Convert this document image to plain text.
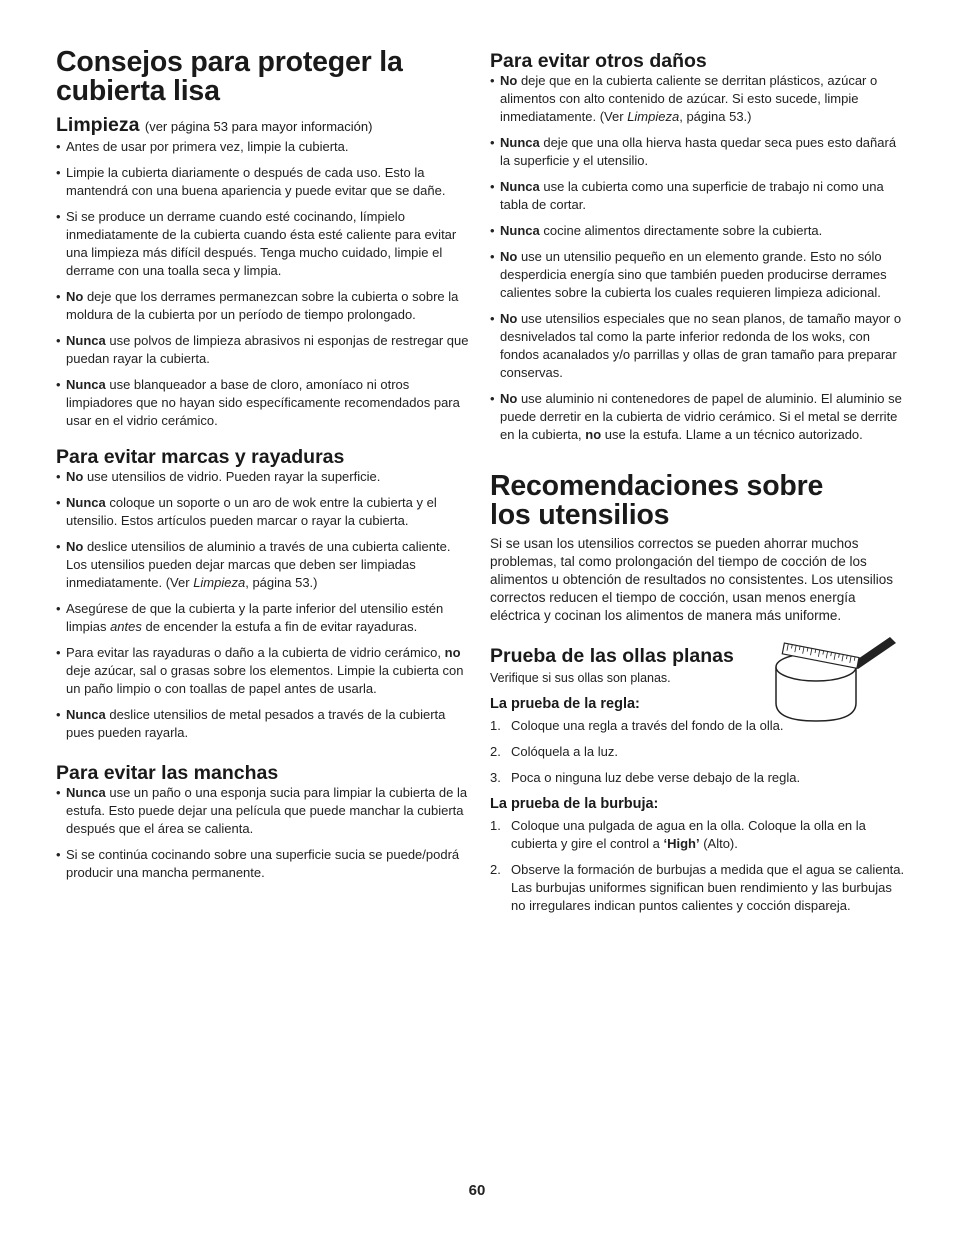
Consejos para proteger la cubierta lisa
Limpieza (ver página 53 para mayor información)
• Antes de usar por primera vez, limpie la cubierta.
• Limpie la cubierta diariamente o después de cada uso. Esto la mantendrá con una buena apariencia y puede evitar que se dañe.
• Si se produce un derrame cuando esté cocinando, límpielo inmediatamente de la cubierta cuando ésta esté caliente para evitar una limpieza más difícil después. Tenga mucho cuidado, limpie el derrame con una toalla seca y limpia.
• No deje que los derrames permanezcan sobre la cubierta o sobre la moldura de la cubierta por un período de tiempo prolongado.
• Nunca use polvos de limpieza abrasivos ni esponjas de restregar que puedan rayar la cubierta.
• Nunca use blanqueador a base de cloro, amoníaco ni otros limpiadores que no hayan sido específicamente recomendados para usar en el vidrio cerámico.
Para evitar marcas y rayaduras
• No use utensilios de vidrio. Pueden rayar la superficie.
• Nunca coloque un soporte o un aro de wok entre la cubierta y el utensilio. Estos artículos pueden marcar o rayar la cubierta.
• No deslice utensilios de aluminio a través de una cubierta caliente. Los utensilios pueden dejar marcas que deben ser limpiadas inmediatamente. (Ver Limpieza, página 53.)
• Asegúrese de que la cubierta y la parte inferior del utensilio estén limpias antes de encender la estufa a fin de evitar rayaduras.
• Para evitar las rayaduras o daño a la cubierta de vidrio cerámico, no deje azúcar, sal o grasas sobre los elementos. Limpie la cubierta con un paño limpio o con toallas de papel antes de usarla.
• Nunca deslice utensilios de metal pesados a través de la cubierta pues pueden rayarla.
Para evitar las manchas
• Nunca use un paño o una esponja sucia para limpiar la cubierta de la estufa. Esto puede dejar una película que puede manchar la cubierta después que el área se calienta.
• Si se continúa cocinando sobre una superficie sucia se puede/podrá producir una mancha permanente.
Para evitar otros daños
• No deje que en la cubierta caliente se derritan plásticos, azúcar o alimentos con alto contenido de azúcar. Si esto sucede, limpie inmediatamente. (Ver Limpieza, página 53.)
• Nunca deje que una olla hierva hasta quedar seca pues esto dañará la superficie y el utensilio.
• Nunca use la cubierta como una superficie de trabajo ni como una tabla de cortar.
• Nunca cocine alimentos directamente sobre la cubierta.
• No use un utensilio pequeño en un elemento grande. Esto no sólo desperdicia energía sino que también pueden producirse derrames calientes sobre la cubierta los cuales requieren limpieza adicional.
• No use utensilios especiales que no sean planos, de tamaño mayor o desnivelados tal como la parte inferior redonda de los woks, con fondos acanalados y/o parrillas y ollas de gran tamaño para preparar conservas.
• No use aluminio ni contenedores de papel de aluminio. El aluminio se puede derretir en la cubierta de vidrio cerámico. Si el metal se derrite en la cubierta, no use la estufa. Llame a un técnico autorizado.
Recomendaciones sobre los utensilios

Si se usan los utensilios correctos se pueden ahorrar muchos problemas, tal como prolongación del tiempo de cocción de los alimentos u obtención de resultados no consistentes. Los utensilios correctos reducen el tiempo de cocción, usan menos energía eléctrica y cocinan los alimentos de manera más uniforme.

Prueba de las ollas planas

Verifique si sus ollas son planas.

La prueba de la regla:
1. Coloque una regla a través del fondo de la olla.
2. Colóquela a la luz.
3. Poca o ninguna luz debe verse debajo de la regla.
La prueba de la burbuja:
1. Coloque una pulgada de agua en la olla. Coloque la olla en la cubierta y gire el control a ‘High’ (Alto).
2. Observe la formación de burbujas a medida que el agua se calienta. Las burbujas uniformes significan buen rendimiento y las burbujas no irregulares indican puntos calientes y cocción dispareja.
60
